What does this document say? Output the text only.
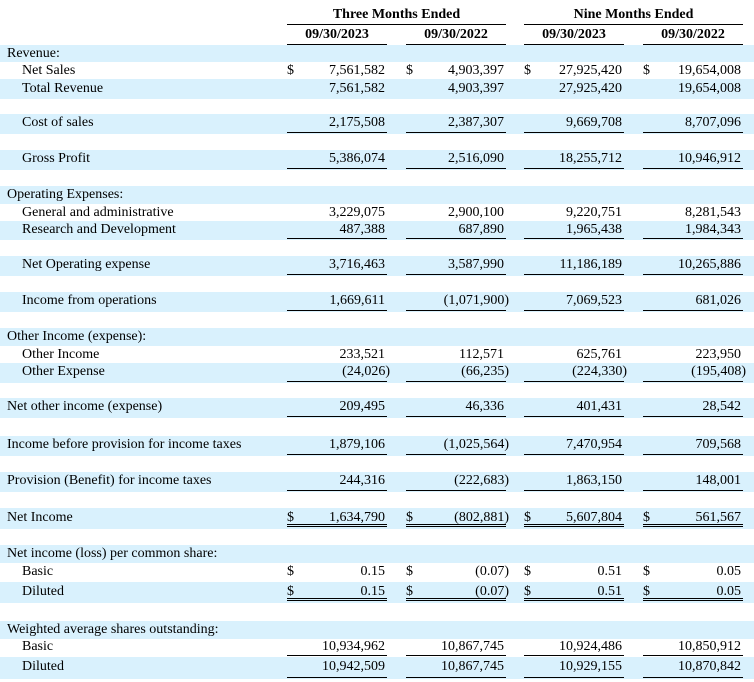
Three Months Ended	Nine Months Ended
09/30/2023	09/30/2022	09/30/2023	09/30/2022
Revenue:
Net Sales	$	7,561,582 $	4,903,397 $ 27,925,420 $ 19,654,008
Total Revenue	7,561,582	4,903,397	27,925,420	19,654,008
Cost of sales	2,175,508	2,387,307	9,669,708	8,707,096
Gross Profit	5,386,074	2,516,090	18,255,712	10,946,912
Operating Expenses:
General and administrative	3,229,075	2,900,100	9,220,751	8,281,543
Research and Development	487,388	687,890	1,965,438	1,984,343
Net Operating expense	3,716,463	3,587,990	11,186,189	10,265,886
Income from operations	1,669,611	(1,071,900)	7,069,523	681,026
Other Income (expense):
Other Income	233,521	112,571	625,761	223,950
Other Expense	(24,026)	(66,235)	(224,330)	(195,408)
Net other income (expense)	209,495	46,336	401,431	28,542
Income before provision for income taxes	1,879,106	(1,025,564)	7,470,954	709,568
Provision (Benefit) for income taxes	244,316	(222,683)	1,863,150	148,001
Net Income	$	1,634,790 $	(802,881) $	5,607,804 $	561,567
Net income (loss) per common share:
Basic	$	0.15 $	(0.07) $	0.51 $	0.05
Diluted	$	0.15 $	(0.07) $	0.51 $	0.05
Weighted average shares outstanding:
Basic	10,934,962	10,867,745	10,924,486	10,850,912
Diluted	10,942,509	10,867,745	10,929,155	10,870,842
